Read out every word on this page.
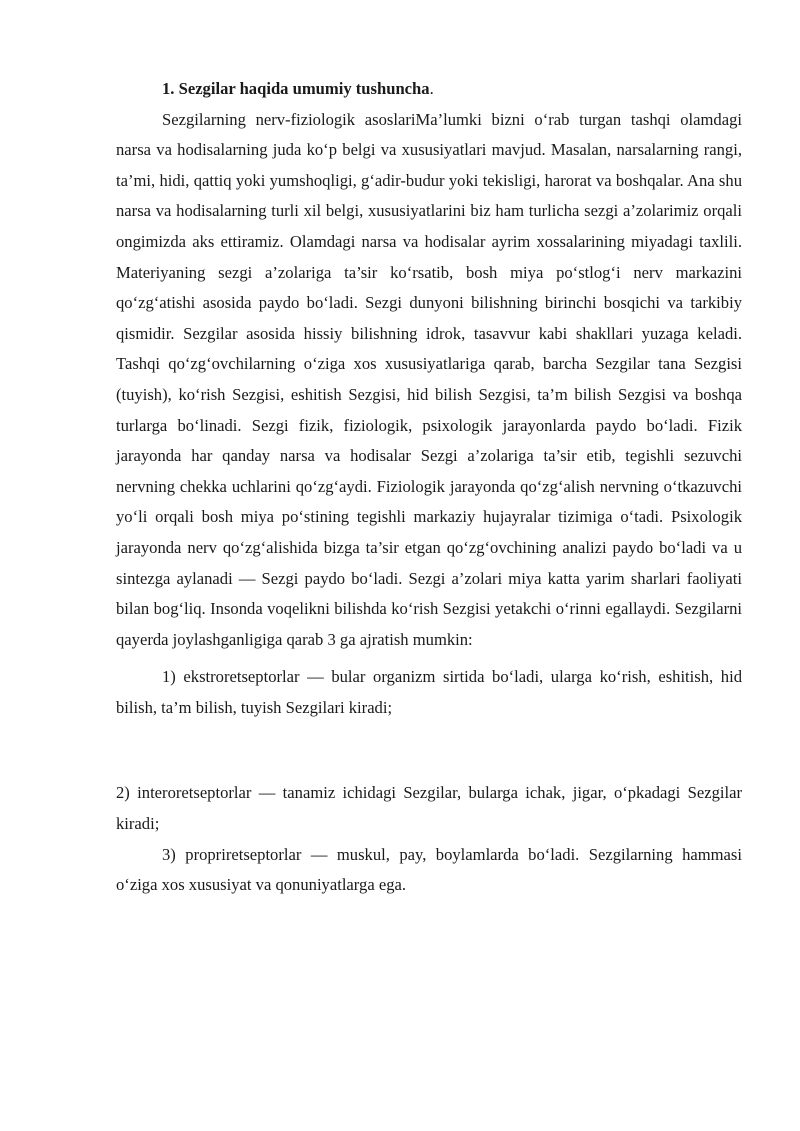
1. Sezgilar haqida umumiy tushuncha.

Sezgilarning nerv-fiziologik asoslariMa’lumki bizni o‘rab turgan tashqi olamdagi narsa va hodisalarning juda ko‘p belgi va xususiyatlari mavjud. Masalan, narsalarning rangi, ta’mi, hidi, qattiq yoki yumshoqligi, g‘adir-budur yoki tekisligi, harorat va boshqalar. Ana shu narsa va hodisalarning turli xil belgi, xususiyatlarini biz ham turlicha sezgi a’zolarimiz orqali ongimizda aks ettiramiz. Olamdagi narsa va hodisalar ayrim xossalarining miyadagi taxlili. Materiyaning sezgi a’zolariga ta’sir ko‘rsatib, bosh miya po‘stlog‘i nerv markazini qo‘zg‘atishi asosida paydo bo‘ladi. Sezgi dunyoni bilishning birinchi bosqichi va tarkibiy qismidir. Sezgilar asosida hissiy bilishning idrok, tasavvur kabi shakllari yuzaga keladi. Tashqi qo‘zg‘ovchilarning o‘ziga xos xususiyatlariga qarab, barcha Sezgilar tana Sezgisi (tuyish), ko‘rish Sezgisi, eshitish Sezgisi, hid bilish Sezgisi, ta’m bilish Sezgisi va boshqa turlarga bo‘linadi. Sezgi fizik, fiziologik, psixologik jarayonlarda paydo bo‘ladi. Fizik jarayonda har qanday narsa va hodisalar Sezgi a’zolariga ta’sir etib, tegishli sezuvchi nervning chekka uchlarini qo‘zg‘aydi. Fiziologik jarayonda qo‘zg‘alish nervning o‘tkazuvchi yo‘li orqali bosh miya po‘stining tegishli markaziy hujayralar tizimiga o‘tadi. Psixologik jarayonda nerv qo‘zg‘alishida bizga ta’sir etgan qo‘zg‘ovchining analizi paydo bo‘ladi va u sintezga aylanadi — Sezgi paydo bo‘ladi. Sezgi a’zolari miya katta yarim sharlari faoliyati bilan bog‘liq. Insonda voqelikni bilishda ko‘rish Sezgisi yetakchi o‘rinni egallaydi. Sezgilarni qayerda joylashganligiga qarab 3 ga ajratish mumkin:

1) ekstroretseptorlar — bular organizm sirtida bo‘ladi, ularga ko‘rish, eshitish, hid bilish, ta’m bilish, tuyish Sezgilari kiradi;

2) interoretseptorlar — tanamiz ichidagi Sezgilar, bularga ichak, jigar, o‘pkadagi Sezgilar kiradi;

3) propriretseptorlar — muskul, pay, boylamlarda bo‘ladi. Sezgilarning hammasi o‘ziga xos xususiyat va qonuniyatlarga ega.
